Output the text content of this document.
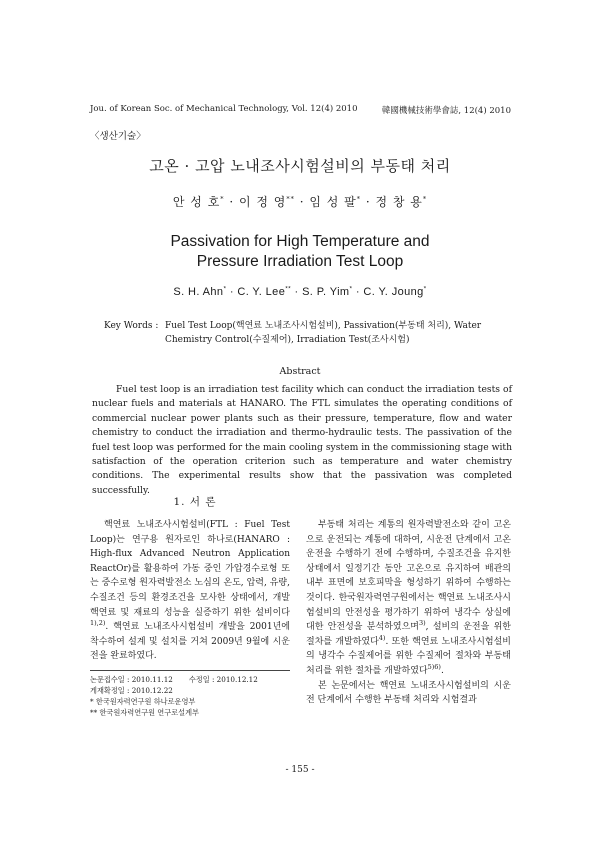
Jou. of Korean Soc. of Mechanical Technology, Vol. 12(4) 2010	韓國機械技術學會誌, 12(4) 2010
〈생산기술〉
고온 · 고압 노내조사시험설비의 부동태 처리
안 성 호* · 이 정 영** · 임 성 팔* · 정 창 용*
Passivation for High Temperature and
Pressure Irradiation Test Loop
S. H. Ahn* · C. Y. Lee** · S. P. Yim* · C. Y. Joung*
Key Words : Fuel Test Loop(핵연료 노내조사시험설비), Passivation(부동태 처리), Water Chemistry Control(수질제어), Irradiation Test(조사시험)
Abstract
Fuel test loop is an irradiation test facility which can conduct the irradiation tests of nuclear fuels and materials at HANARO. The FTL simulates the operating conditions of commercial nuclear power plants such as their pressure, temperature, flow and water chemistry to conduct the irradiation and thermo-hydraulic tests. The passivation of the fuel test loop was performed for the main cooling system in the commissioning stage with satisfaction of the operation criterion such as temperature and water chemistry conditions. The experimental results show that the passivation was completed successfully.
1. 서 론
핵연료 노내조사시험설비(FTL : Fuel Test Loop)는 연구용 원자로인 하나로(HANARO : High-flux Advanced Neutron Application ReactOr)를 활용하여 가동 중인 가압경수로형 또는 중수로형 원자력발전소 노심의 온도, 압력, 유량, 수질조건 등의 환경조건을 모사한 상태에서, 개발 핵연료 및 재료의 성능을 실증하기 위한 설비이다$^{1),2)}$. 핵연료 노내조사시험설비 개발을 2001년에 착수하여 설계 및 설치를 거쳐 2009년 9월에 시운전을 완료하였다.

부동태 처리는 계통의 원자력발전소와 같이 고온으로 운전되는 계통에 대하여, 시운전 단계에서 고온운전을 수행하기 전에 수행하며, 수질조건을 유지한 상태에서 일정기간 동안 고온으로 유지하여 배관의 내부 표면에 보호피막을 형성하기 위하여 수행하는 것이다. 한국원자력연구원에서는 핵연료 노내조사시험설비의 안전성을 평가하기 위하여 냉각수 상실에 대한 안전성을 분석하였으며$^{3)}$, 설비의 운전을 위한 절차를 개발하였다$^{4)}$. 또한 핵연료 노내조사시험설비의 냉각수 수질제어를 위한 수질제어 절차와 부동태 처리를 위한 절차를 개발하였다$^{5)6)}$.

본 논문에서는 핵연료 노내조사시험설비의 시운전 단계에서 수행한 부동태 처리와 시험결과

논문접수일 : 2010.11.12       수정일 : 2010.12.12
게재확정일 : 2010.12.22
* 한국원자력연구원 하나로운영부
** 한국원자력연구원 연구로설계부
- 155 -
